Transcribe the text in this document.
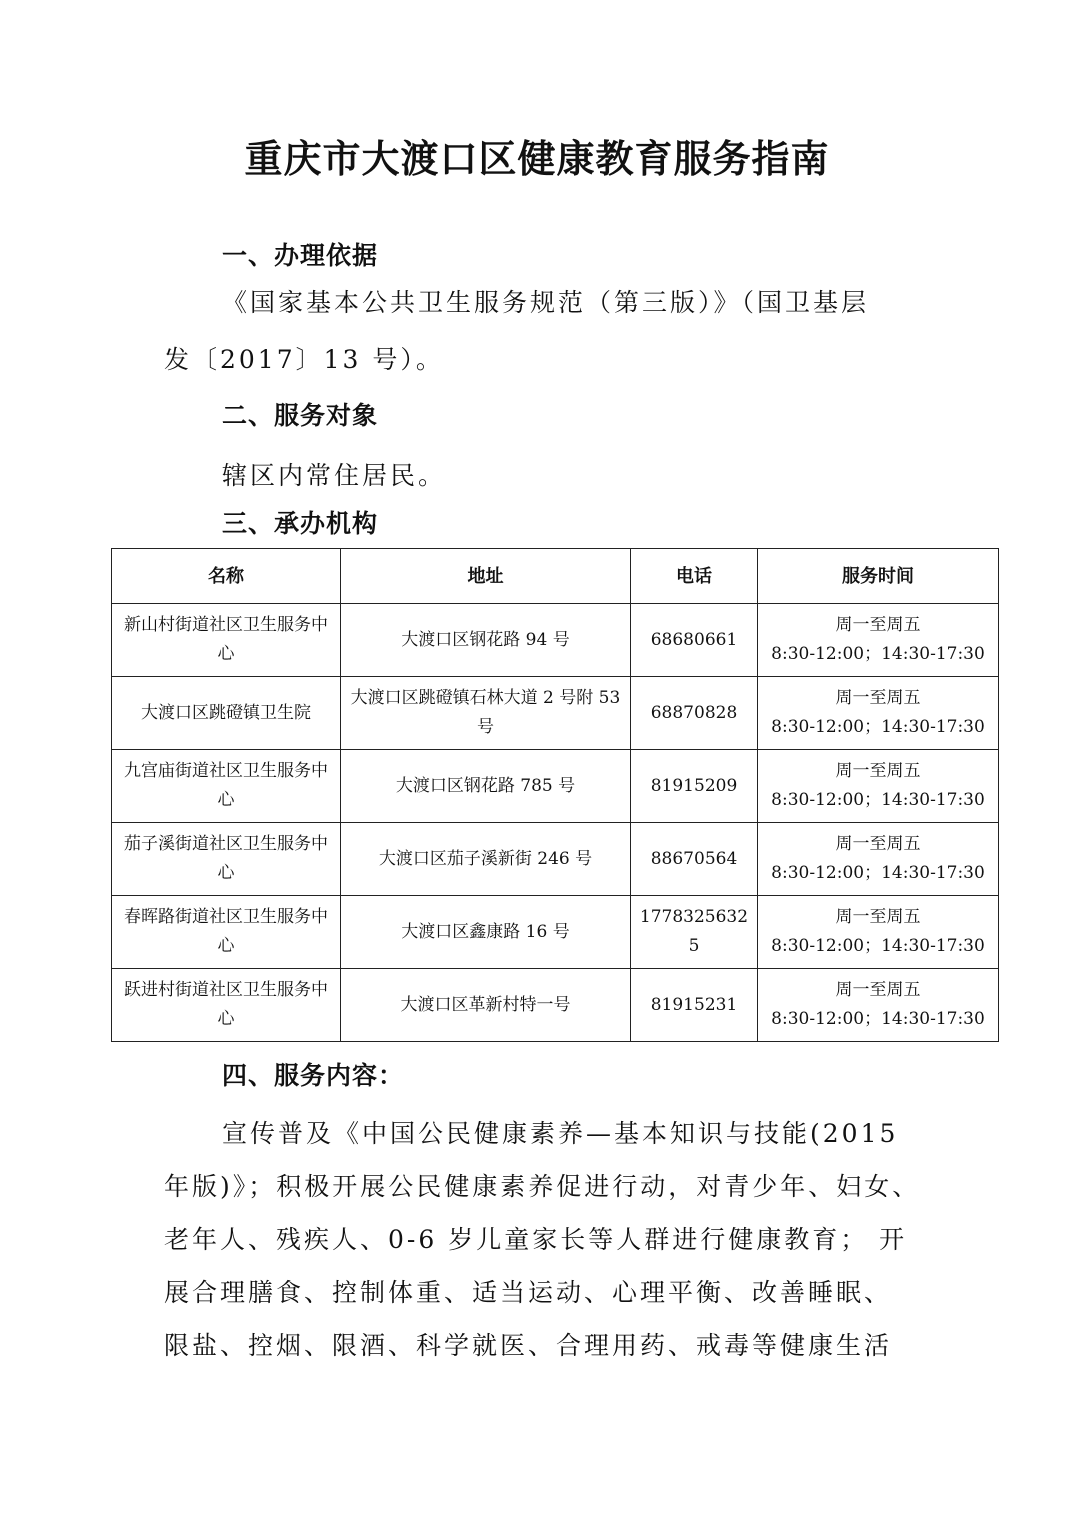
重庆市大渡口区健康教育服务指南
一、办理依据
《国家基本公共卫生服务规范（第三版）》（国卫基层
发〔2017〕13 号）。
二、服务对象
辖区内常住居民。
三、承办机构
名称	地址	电话	服务时间
新山村街道社区卫生服务中心	大渡口区钢花路 94 号	68680661	周一至周五
8:30-12:00；14:30-17:30

大渡口区跳磴镇卫生院	大渡口区跳磴镇石林大道 2 号附 53 号	68870828	周一至周五
8:30-12:00；14:30-17:30

九宫庙街道社区卫生服务中心	大渡口区钢花路 785 号	81915209	周一至周五
8:30-12:00；14:30-17:30

茄子溪街道社区卫生服务中心	大渡口区茄子溪新街 246 号	88670564	周一至周五
8:30-12:00；14:30-17:30

春晖路街道社区卫生服务中心	大渡口区鑫康路 16 号	17783256325	周一至周五
8:30-12:00；14:30-17:30

跃进村街道社区卫生服务中心	大渡口区革新村特一号	81915231	周一至周五
8:30-12:00；14:30-17:30
四、服务内容：
宣传普及《中国公民健康素养—基本知识与技能(2015
年版)》；积极开展公民健康素养促进行动，对青少年、妇女、
老年人、残疾人、0-6 岁儿童家长等人群进行健康教育； 开
展合理膳食、控制体重、适当运动、心理平衡、改善睡眠、
限盐、控烟、限酒、科学就医、合理用药、戒毒等健康生活
